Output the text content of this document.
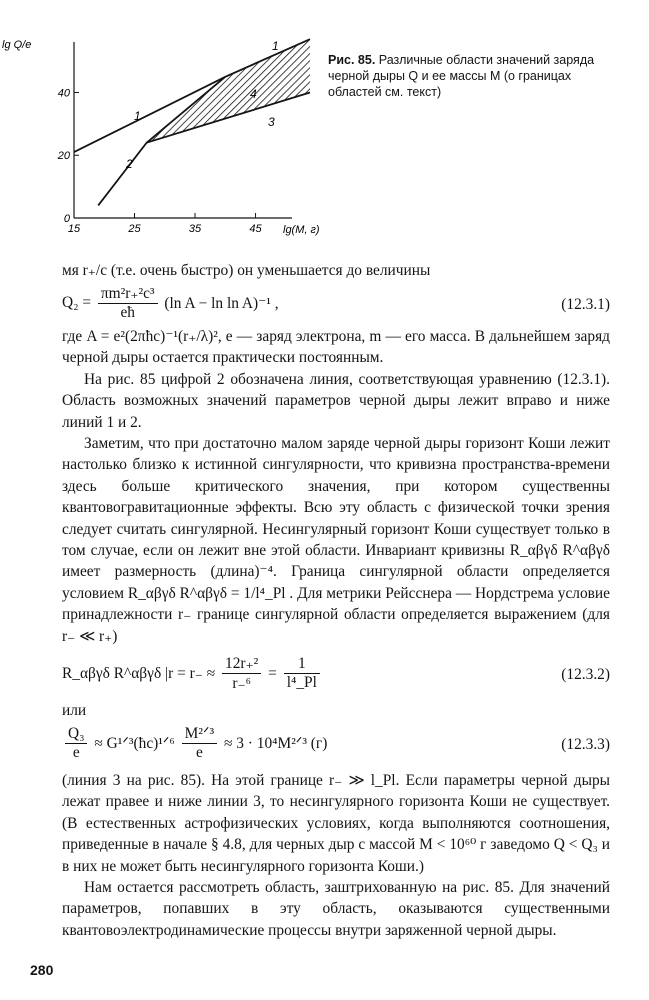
15	25	35	45
0
20
40
1
2
3
1
4
lg Q/e
lg(M, г)
Рис. 85. Различные области значений заряда черной дыры Q и ее массы M (о границах областей см. текст)

мя r₊/c (т.е. очень быстро) он уменьшается до величины

$Q_2 = \frac{\text{πm²r₊²c³}}{eħ} (\ln$ A − ln ln A)⁻¹ ,	(12.3.1)

где A = e²(2πħc)⁻¹(r₊/λ)², e — заряд электрона, m — его масса. В дальнейшем заряд черной дыры остается практически постоянным.

На рис. 85 цифрой 2 обозначена линия, соответствующая уравнению (12.3.1). Область возможных значений параметров черной дыры лежит вправо и ниже линий 1 и 2.

Заметим, что при достаточно малом заряде черной дыры горизонт Коши лежит настолько близко к истинной сингулярности, что кривизна пространства-времени здесь больше критического значения, при котором существенны квантовогравитационные эффекты. Всю эту область с физической точки зрения следует считать сингулярной. Несингулярный горизонт Коши существует только в том случае, если он лежит вне этой области. Инвариант кривизны R_αβγδ R^αβγδ имеет размерность (длина)⁻⁴. Граница сингулярной области определяется условием R_αβγδ R^αβγδ = 1/l⁴_Pl . Для метрики Рейсснера — Нордстрема условие принадлежности r₋ границе сингулярной области определяется выражением (для r₋ ≪ r₊)

R_αβγδ R^αβγδ $|r = r_- \approx \frac{\text{12r₊²}}{\text{r₋⁶}} = \frac{1}{\text{l⁴\_Pl}}$	(12.3.2)

или

$\frac{\text{Q₃}}{e}$ ≈ G¹ᐟ³(ħc)¹ᐟ⁶ $\frac{\text{M²ᐟ³}}{e} \approx 3$ · 10⁴M²ᐟ³ (г)	(12.3.3)

(линия 3 на рис. 85). На этой границе r₋ ≫ l_Pl. Если параметры черной дыры лежат правее и ниже линии 3, то несингулярного горизонта Коши не существует. (В естественных астрофизических условиях, когда выполняются соотношения, приведенные в начале § 4.8, для черных дыр с массой M < 10⁶⁰ г заведомо Q < Q₃ и в них не может быть несингулярного горизонта Коши.)

Нам остается рассмотреть область, заштрихованную на рис. 85. Для значений параметров, попавших в эту область, оказываются существенными квантовоэлектродинамические процессы внутри заряженной черной дыры.

280
